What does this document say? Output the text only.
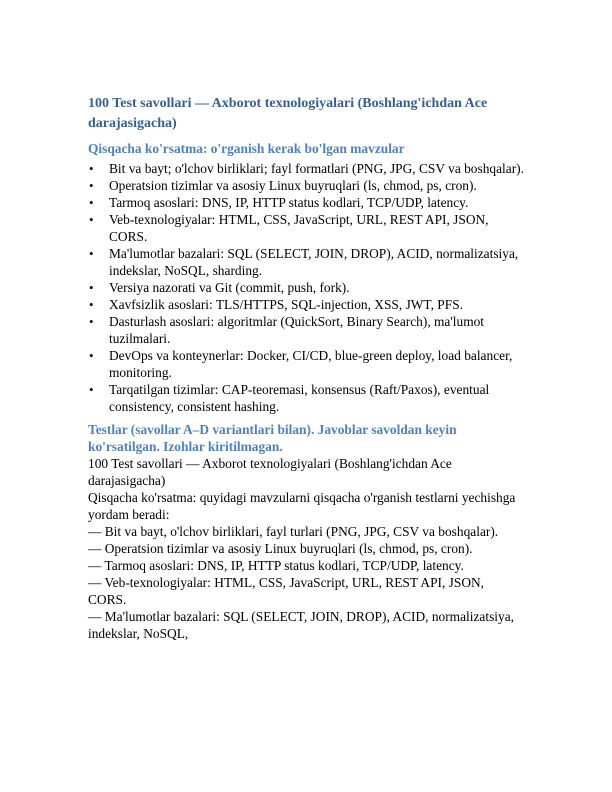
100 Test savollari — Axborot texnologiyalari (Boshlang'ichdan Ace darajasigacha)
Qisqacha ko'rsatma: o'rganish kerak bo'lgan mavzular
• Bit va bayt; o'lchov birliklari; fayl formatlari (PNG, JPG, CSV va boshqalar).
• Operatsion tizimlar va asosiy Linux buyruqlari (ls, chmod, ps, cron).
• Tarmoq asoslari: DNS, IP, HTTP status kodlari, TCP/UDP, latency.
• Veb-texnologiyalar: HTML, CSS, JavaScript, URL, REST API, JSON, CORS.
• Ma'lumotlar bazalari: SQL (SELECT, JOIN, DROP), ACID, normalizatsiya, indekslar, NoSQL, sharding.
• Versiya nazorati va Git (commit, push, fork).
• Xavfsizlik asoslari: TLS/HTTPS, SQL-injection, XSS, JWT, PFS.
• Dasturlash asoslari: algoritmlar (QuickSort, Binary Search), ma'lumot tuzilmalari.
• DevOps va konteynerlar: Docker, CI/CD, blue-green deploy, load balancer, monitoring.
• Tarqatilgan tizimlar: CAP-teoremasi, konsensus (Raft/Paxos), eventual consistency, consistent hashing.
Testlar (savollar A–D variantlari bilan). Javoblar savoldan keyin ko'rsatilgan. Izohlar kiritilmagan.

100 Test savollari — Axborot texnologiyalari (Boshlang'ichdan Ace darajasigacha)

Qisqacha ko'rsatma: quyidagi mavzularni qisqacha o'rganish testlarni yechishga yordam beradi:

— Bit va bayt, o'lchov birliklari, fayl turlari (PNG, JPG, CSV va boshqalar).

— Operatsion tizimlar va asosiy Linux buyruqlari (ls, chmod, ps, cron).

— Tarmoq asoslari: DNS, IP, HTTP status kodlari, TCP/UDP, latency.

— Veb-texnologiyalar: HTML, CSS, JavaScript, URL, REST API, JSON, CORS.

— Ma'lumotlar bazalari: SQL (SELECT, JOIN, DROP), ACID, normalizatsiya, indekslar, NoSQL,
